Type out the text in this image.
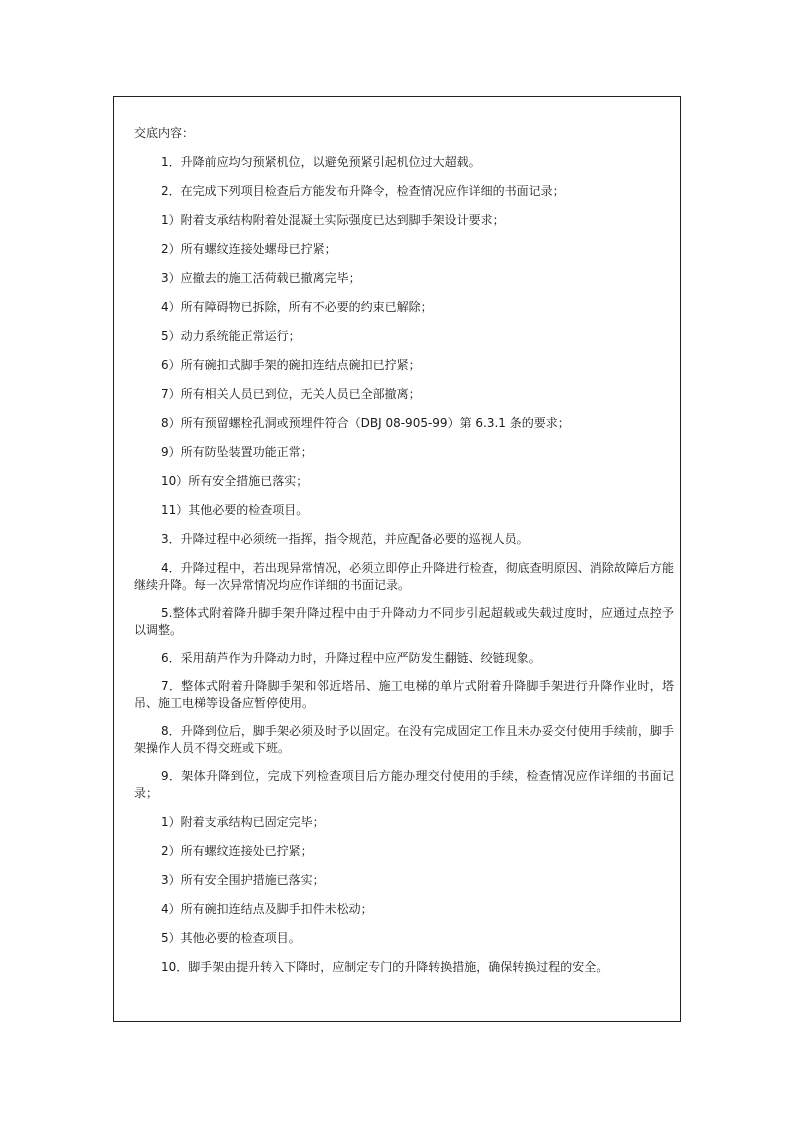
交底内容：

1．升降前应均匀预紧机位，以避免预紧引起机位过大超载。

2．在完成下列项目检查后方能发布升降令，检查情况应作详细的书面记录；

1）附着支承结构附着处混凝土实际强度已达到脚手架设计要求；

2）所有螺纹连接处螺母已拧紧；

3）应撤去的施工活荷载已撤离完毕；

4）所有障碍物已拆除，所有不必要的约束已解除；

5）动力系统能正常运行；

6）所有碗扣式脚手架的碗扣连结点碗扣已拧紧；

7）所有相关人员已到位，无关人员已全部撤离；

8）所有预留螺栓孔洞或预埋件符合（DBJ 08-905-99）第 6.3.1 条的要求；

9）所有防坠装置功能正常；

10）所有安全措施已落实；

11）其他必要的检查项目。

3．升降过程中必须统一指挥，指令规范，并应配备必要的巡视人员。

4．升降过程中，若出现异常情况，必须立即停止升降进行检查，彻底查明原因、消除故障后方能继续升降。每一次异常情况均应作详细的书面记录。

5.整体式附着降升脚手架升降过程中由于升降动力不同步引起超载或失载过度时，应通过点控予以调整。

6．采用葫芦作为升降动力时，升降过程中应严防发生翻链、绞链现象。

7．整体式附着升降脚手架和邻近塔吊、施工电梯的单片式附着升降脚手架进行升降作业时，塔吊、施工电梯等设备应暂停使用。

8．升降到位后，脚手架必须及时予以固定。在没有完成固定工作且未办妥交付使用手续前，脚手架操作人员不得交班或下班。

9．架体升降到位，完成下列检查项目后方能办理交付使用的手续，检查情况应作详细的书面记录；

1）附着支承结构已固定完毕；

2）所有螺纹连接处已拧紧；

3）所有安全围护措施已落实；

4）所有碗扣连结点及脚手扣件未松动；

5）其他必要的检查项目。

10．脚手架由提升转入下降时，应制定专门的升降转换措施，确保转换过程的安全。
